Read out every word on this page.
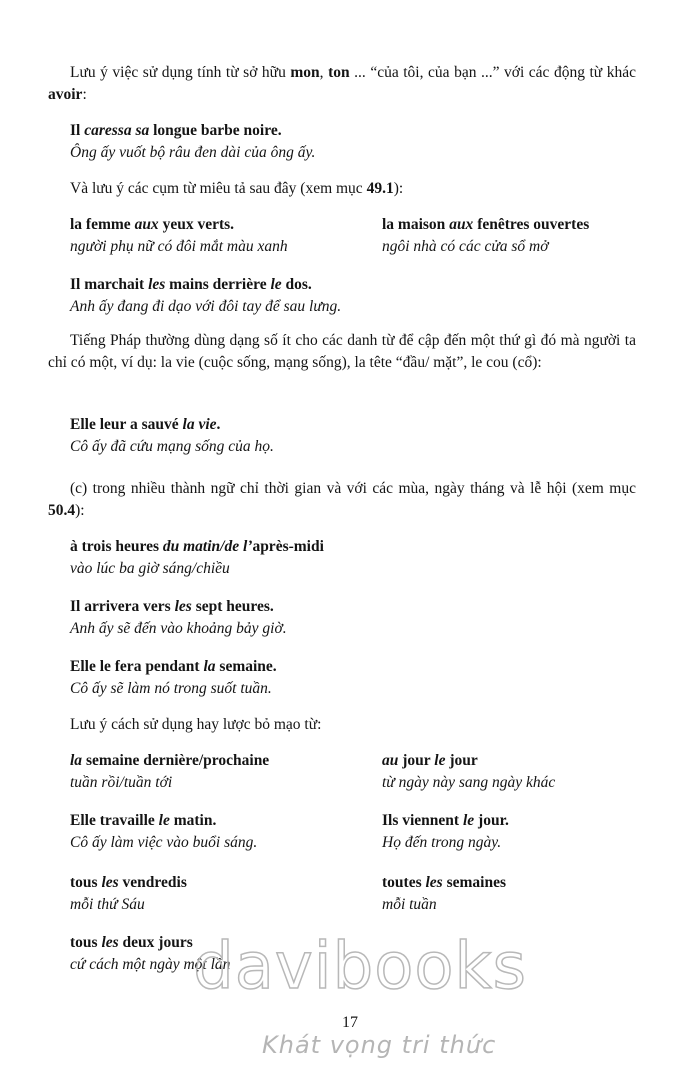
Lưu ý việc sử dụng tính từ sở hữu mon, ton ... “của tôi, của bạn ...” với các động từ khác avoir:
Il caressa sa longue barbe noire.
Ông ấy vuốt bộ râu đen dài của ông ấy.
Và lưu ý các cụm từ miêu tả sau đây (xem mục 49.1):
la femme aux yeux verts.
người phụ nữ có đôi mắt màu xanh
la maison aux fenêtres ouvertes
ngôi nhà có các cửa sổ mở
Il marchait les mains derrière le dos.
Anh ấy đang đi dạo với đôi tay để sau lưng.
Tiếng Pháp thường dùng dạng số ít cho các danh từ để cập đến một thứ gì đó mà người ta chỉ có một, ví dụ: la vie (cuộc sống, mạng sống), la tête “đầu/ mặt”, le cou (cổ):
Elle leur a sauvé la vie.
Cô ấy đã cứu mạng sống của họ.
(c) trong nhiều thành ngữ chỉ thời gian và với các mùa, ngày tháng và lễ hội (xem mục 50.4):
à trois heures du matin/de l’après-midi
vào lúc ba giờ sáng/chiều
Il arrivera vers les sept heures.
Anh ấy sẽ đến vào khoảng bảy giờ.
Elle le fera pendant la semaine.
Cô ấy sẽ làm nó trong suốt tuần.
Lưu ý cách sử dụng hay lược bỏ mạo từ:
la semaine dernière/prochaine
tuần rồi/tuần tới
au jour le jour
từ ngày này sang ngày khác
Elle travaille le matin.
Cô ấy làm việc vào buổi sáng.
Ils viennent le jour.
Họ đến trong ngày.
tous les vendredis
mỗi thứ Sáu
toutes les semaines
mỗi tuần
tous les deux jours
cứ cách một ngày một lần
davibooks
17
Khát vọng tri thức
